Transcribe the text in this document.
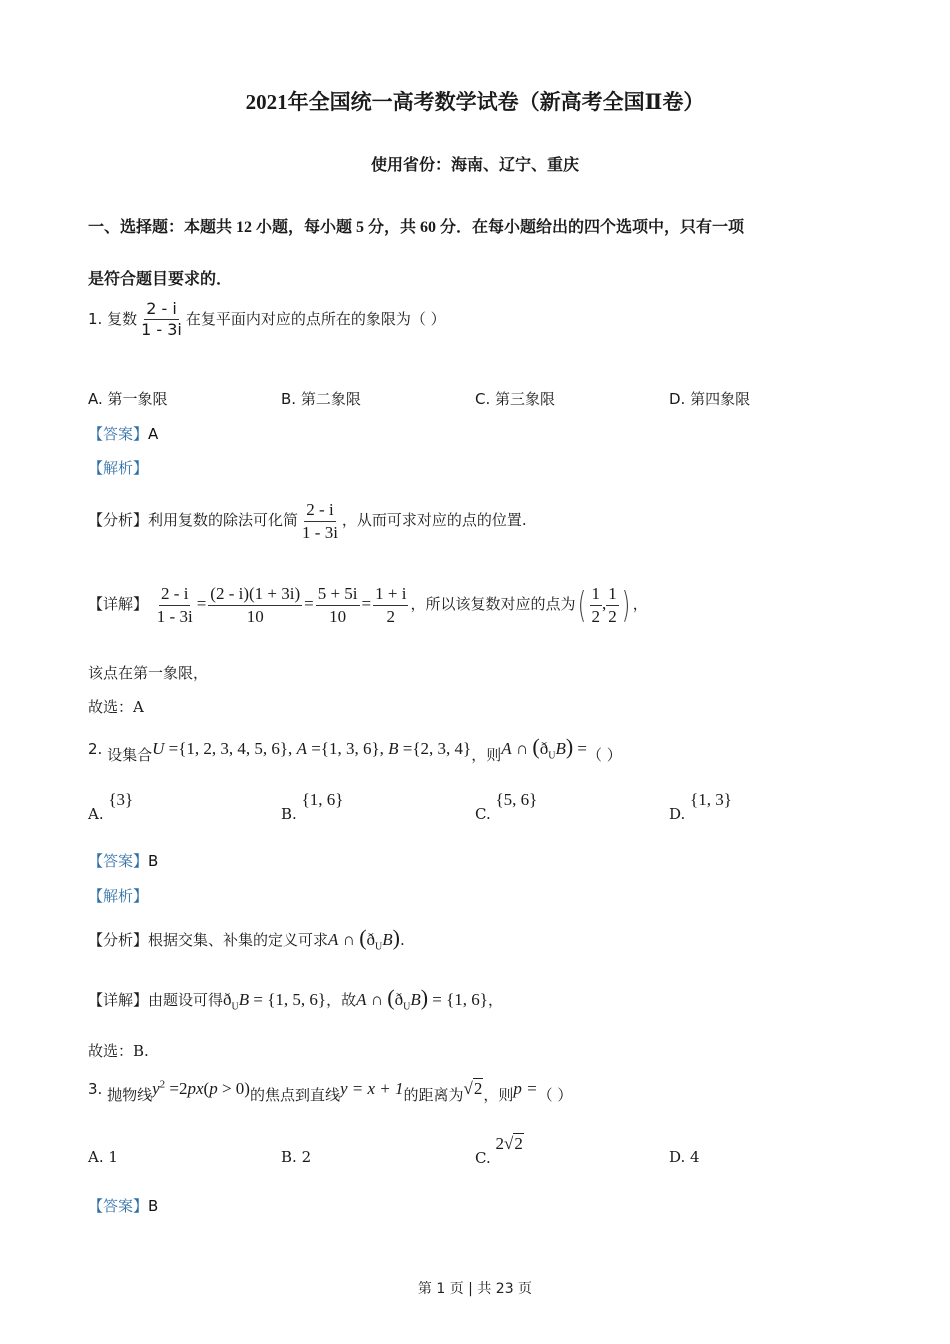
2021年全国统一高考数学试卷（新高考全国Ⅱ卷）
使用省份：海南、辽宁、重庆
一、选择题：本题共 12 小题，每小题 5 分，共 60 分．在每小题给出的四个选项中，只有一项
是符合题目要求的．
1. 复数 $\frac{2 - i}{1 - 3i}$ 在复平面内对应的点所在的象限为（ ）
A. 第一象限	B. 第二象限	C. 第三象限	D. 第四象限
【答案】A
【解析】
【分析】利用复数的除法可化简 $\frac{2 - i}{1 - 3i}$ ，从而可求对应的点的位置.
【详解】 $\frac{2 - i}{1 - 3i} = \frac{(2 - i)(1 + 3i)}{10} = \frac{5 + 5i}{10} = \frac{1 + i}{2}$ ，所以该复数对应的点为( $\frac{1}{2}$ , $\frac{1}{2}$ ) ，
该点在第一象限，
故选：A
2. 设集合U ={1, 2, 3, 4, 5, 6}, A ={1, 3, 6}, B ={2, 3, 4}，则A ∩ $(ð_UB)$ =（ ）
A. {3}
B. {1, 6}
C. {5, 6}
D. {1, 3}
【答案】B
【解析】
【分析】根据交集、补集的定义可求A ∩ $(ð_UB)$.
【详解】由题设可得$ð_UB = \{1$, 5, 6}，故A ∩ $(ð_UB) = \{1$, 6}，
故选：B.
3. 抛物线$y^2 =2px(p > 0)$的焦点到直线y = x + 1的距离为√2，则p =（ ）
A. 1	B. 2	C. 2√2
D. 4
【答案】B
第 1 页 | 共 23 页
